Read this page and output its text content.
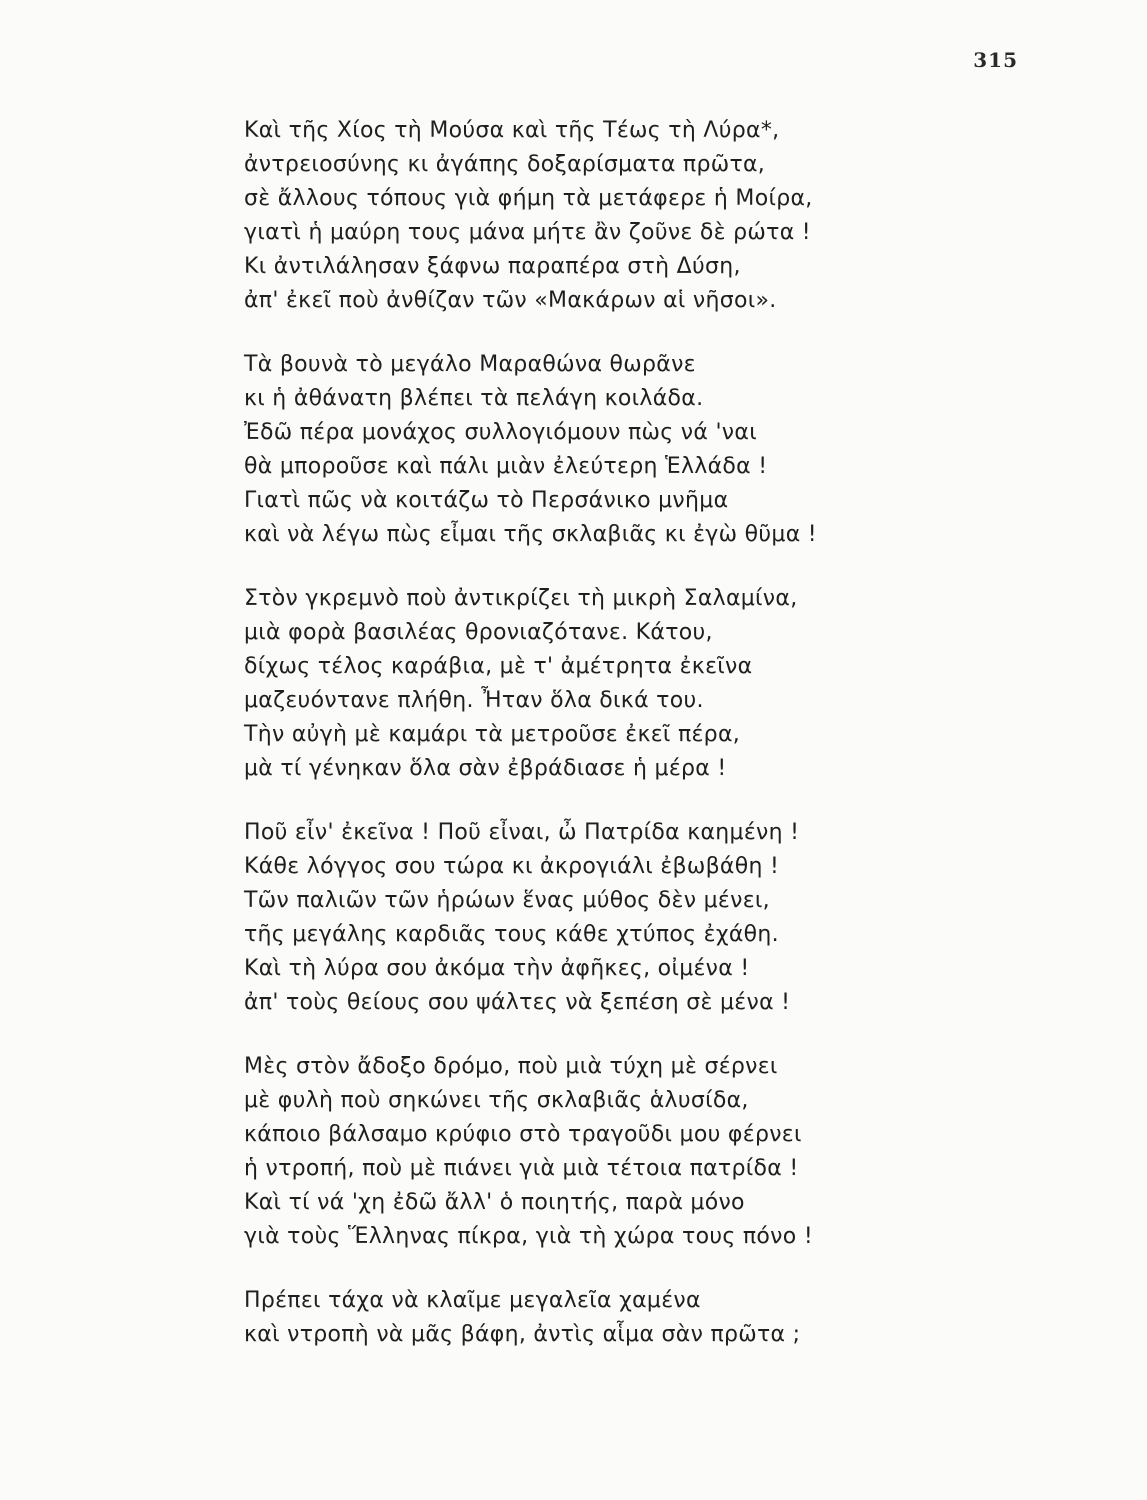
315
Καὶ τῆς Χίος τὴ Μούσα καὶ τῆς Τέως τὴ Λύρα*,
ἀντρειοσύνης κι ἀγάπης δοξαρίσματα πρῶτα,
σὲ ἄλλους τόπους γιὰ φήμη τὰ μετάφερε ἡ Μοίρα,
γιατὶ ἡ μαύρη τους μάνα μήτε ἂν ζοῦνε δὲ ρώτα !
Κι ἀντιλάλησαν ξάφνω παραπέρα στὴ Δύση,
ἀπ' ἐκεῖ ποὺ ἀνθίζαν τῶν «Μακάρων αἱ νῆσοι».
Τὰ βουνὰ τὸ μεγάλο Μαραθώνα θωρᾶνε
κι ἡ ἀθάνατη βλέπει τὰ πελάγη κοιλάδα.
Ἐδῶ πέρα μονάχος συλλογιόμουν πὼς νά 'ναι
θὰ μποροῦσε καὶ πάλι μιὰν ἐλεύτερη Ἑλλάδα !
Γιατὶ πῶς νὰ κοιτάζω τὸ Περσάνικο μνῆμα
καὶ νὰ λέγω πὼς εἶμαι τῆς σκλαβιᾶς κι ἐγὼ θῦμα !
Στὸν γκρεμνὸ ποὺ ἀντικρίζει τὴ μικρὴ Σαλαμίνα,
μιὰ φορὰ βασιλέας θρονιαζότανε. Κάτου,
δίχως τέλος καράβια, μὲ τ' ἀμέτρητα ἐκεῖνα
μαζευόντανε πλήθη. Ἦταν ὅλα δικά του.
Τὴν αὐγὴ μὲ καμάρι τὰ μετροῦσε ἐκεῖ πέρα,
μὰ τί γένηκαν ὅλα σὰν ἐβράδιασε ἡ μέρα !
Ποῦ εἶν' ἐκεῖνα ! Ποῦ εἶναι, ὦ Πατρίδα καημένη !
Κάθε λόγγος σου τώρα κι ἀκρογιάλι ἐβωβάθη !
Τῶν παλιῶν τῶν ἡρώων ἕνας μύθος δὲν μένει,
τῆς μεγάλης καρδιᾶς τους κάθε χτύπος ἐχάθη.
Καὶ τὴ λύρα σου ἀκόμα τὴν ἀφῆκες, οἰμένα !
ἀπ' τοὺς θείους σου ψάλτες νὰ ξεπέση σὲ μένα !
Μὲς στὸν ἄδοξο δρόμο, ποὺ μιὰ τύχη μὲ σέρνει
μὲ φυλὴ ποὺ σηκώνει τῆς σκλαβιᾶς ἁλυσίδα,
κάποιο βάλσαμο κρύφιο στὸ τραγοῦδι μου φέρνει
ἡ ντροπή, ποὺ μὲ πιάνει γιὰ μιὰ τέτοια πατρίδα !
Καὶ τί νά 'χη ἐδῶ ἄλλ' ὁ ποιητής, παρὰ μόνο
γιὰ τοὺς Ἕλληνας πίκρα, γιὰ τὴ χώρα τους πόνο !
Πρέπει τάχα νὰ κλαῖμε μεγαλεῖα χαμένα
καὶ ντροπὴ νὰ μᾶς βάφη, ἀντὶς αἷμα σὰν πρῶτα ;
